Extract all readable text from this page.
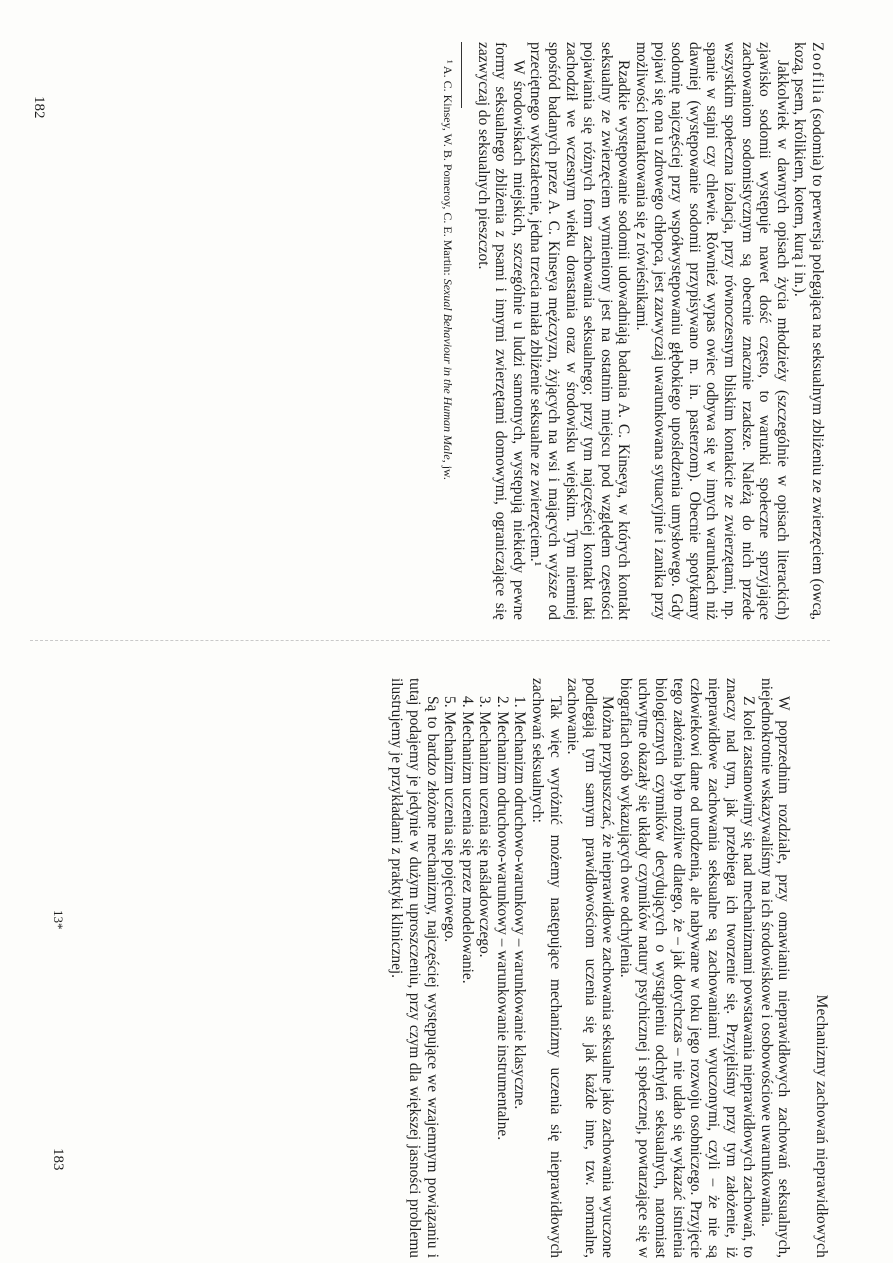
Zoofilia (sodomia) to perwersja polegająca na seksualnym zbliżeniu ze zwierzęciem (owcą, kozą, psem, królikiem, kotem, kurą i in.).

Jakkolwiek w dawnych opisach życia młodzieży (szczególnie w opisach literackich) zjawisko sodomii występuje nawet dość często, to warunki społeczne sprzyjające zachowaniom sodomistycznym są obecnie znacznie rzadsze. Należą do nich przede wszystkim społeczna izolacja, przy równoczesnym bliskim kontakcie ze zwierzętami, np. spanie w stajni czy chlewie. Również wypas owiec odbywa się w innych warunkach niż dawniej (występowanie sodomii przypisywano m. in. pasterzom). Obecnie spotykamy sodomię najczęściej przy współwystępowaniu głębokiego upośledzenia umysłowego. Gdy pojawi się ona u zdrowego chłopca, jest zazwyczaj uwarunkowana sytuacyjnie i zanika przy możliwości kontaktowania się z rówieśnikami.

Rzadkie występowanie sodomii udowadniają badania A. C. Kinseya, w których kontakt seksualny ze zwierzęciem wymieniony jest na ostatnim miejscu pod względem częstości pojawiania się różnych form zachowania seksualnego; przy tym najczęściej kontakt taki zachodził we wczesnym wieku dorastania oraz w środowisku wiejskim. Tym niemniej spośród badanych przez A. C. Kinseya mężczyzn, żyjących na wsi i mających wyższe od przeciętnego wykształcenie, jedna trzecia miała zbliżenie seksualne ze zwierzęciem.¹

W środowiskach miejskich, szczególnie u ludzi samotnych, występują niekiedy pewne formy seksualnego zbliżenia z psami i innymi zwierzętami domowymi, ograniczające się zazwyczaj do seksualnych pieszczot.

¹ A. C. Kinsey, W. B. Pomeroy, C. E. Martin: Sexual Behaviour in the Human Male, jw.

182
Mechanizmy zachowań nieprawidłowych

W poprzednim rozdziale, przy omawianiu nieprawidłowych zachowań seksualnych, niejednokrotnie wskazywaliśmy na ich środowiskowe i osobowościowe uwarunkowania.

Z kolei zastanowimy się nad mechanizmami powstawania nieprawidłowych zachowań, to znaczy nad tym, jak przebiega ich tworzenie się. Przyjęliśmy przy tym założenie, iż nieprawidłowe zachowania seksualne są zachowaniami wyuczonymi, czyli – że nie są człowiekowi dane od urodzenia, ale nabywane w toku jego rozwoju osobniczego. Przyjęcie tego założenia było możliwe dlatego, że – jak dotychczas – nie udało się wykazać istnienia biologicznych czynników decydujących o wystąpieniu odchyleń seksualnych, natomiast uchwytne okazały się układy czynników natury psychicznej i społecznej, powtarzające się w biografiach osób wykazujących owe odchylenia.

Można przypuszczać, że nieprawidłowe zachowania seksualne jako zachowania wyuczone podlegają tym samym prawidłowościom uczenia się jak każde inne, tzw. normalne, zachowanie.

Tak więc wyróżnić możemy następujące mechanizmy uczenia się nieprawidłowych zachowań seksualnych:

1. Mechanizm odruchowo-warunkowy – warunkowanie klasyczne.

2. Mechanizm odruchowo-warunkowy – warunkowanie instrumentalne.

3. Mechanizm uczenia się naśladowczego.

4. Mechanizm uczenia się przez modelowanie.

5. Mechanizm uczenia się pojęciowego.

Są to bardzo złożone mechanizmy, najczęściej występujące we wzajemnym powiązaniu i tutaj podajemy je jedynie w dużym uproszczeniu, przy czym dla większej jasności problemu ilustrujemy je przykładami z praktyki klinicznej.

13*
183
